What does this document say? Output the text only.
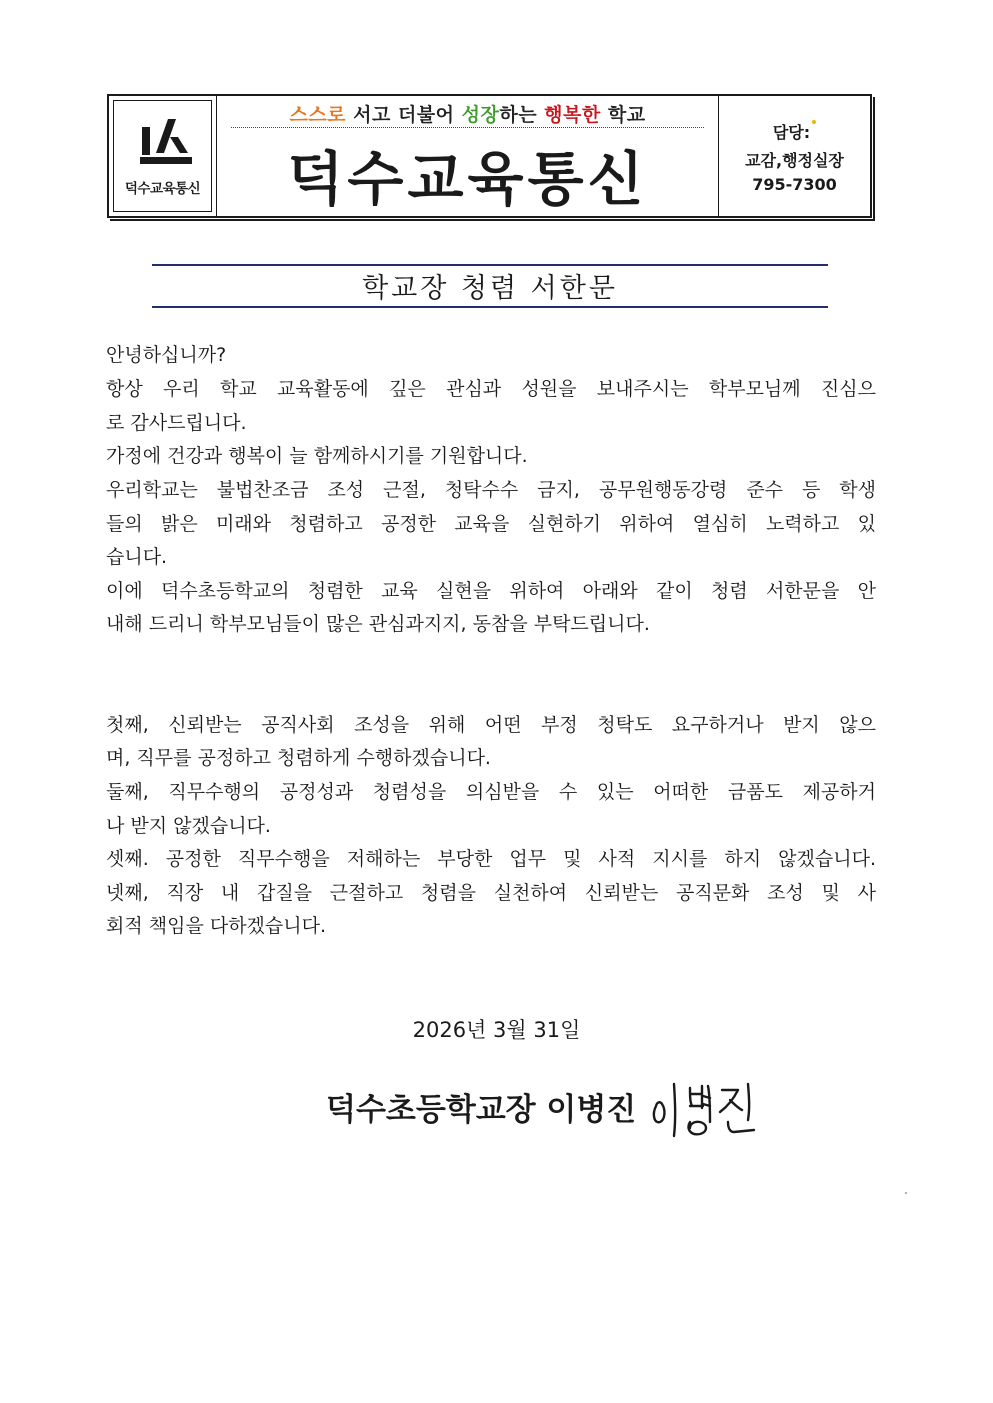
덕수교육통신
스스로 서고 더불어 성장하는 행복한 학교
덕수교육통신
담당:
교감,행정실장
795-7300
학교장 청렴 서한문
안녕하십니까?
항상 우리 학교 교육활동에 깊은 관심과 성원을 보내주시는 학부모님께 진심으
로 감사드립니다.
가정에 건강과 행복이 늘 함께하시기를 기원합니다.
우리학교는 불법찬조금 조성 근절, 청탁수수 금지, 공무원행동강령 준수 등 학생
들의 밝은 미래와 청렴하고 공정한 교육을 실현하기 위하여 열심히 노력하고 있
습니다.
이에 덕수초등학교의 청렴한 교육 실현을 위하여 아래와 같이 청렴 서한문을 안
내해 드리니 학부모님들이 많은 관심과지지, 동참을 부탁드립니다.
첫째, 신뢰받는 공직사회 조성을 위해 어떤 부정 청탁도 요구하거나 받지 않으
며, 직무를 공정하고 청렴하게 수행하겠습니다.
둘째, 직무수행의 공정성과 청렴성을 의심받을 수 있는 어떠한 금품도 제공하거
나 받지 않겠습니다.
셋째. 공정한 직무수행을 저해하는 부당한 업무 및 사적 지시를 하지 않겠습니다.
넷째, 직장 내 갑질을 근절하고 청렴을 실천하여 신뢰받는 공직문화 조성 및 사
회적 책임을 다하겠습니다.
2026년 3월 31일
덕수초등학교장 이병진
